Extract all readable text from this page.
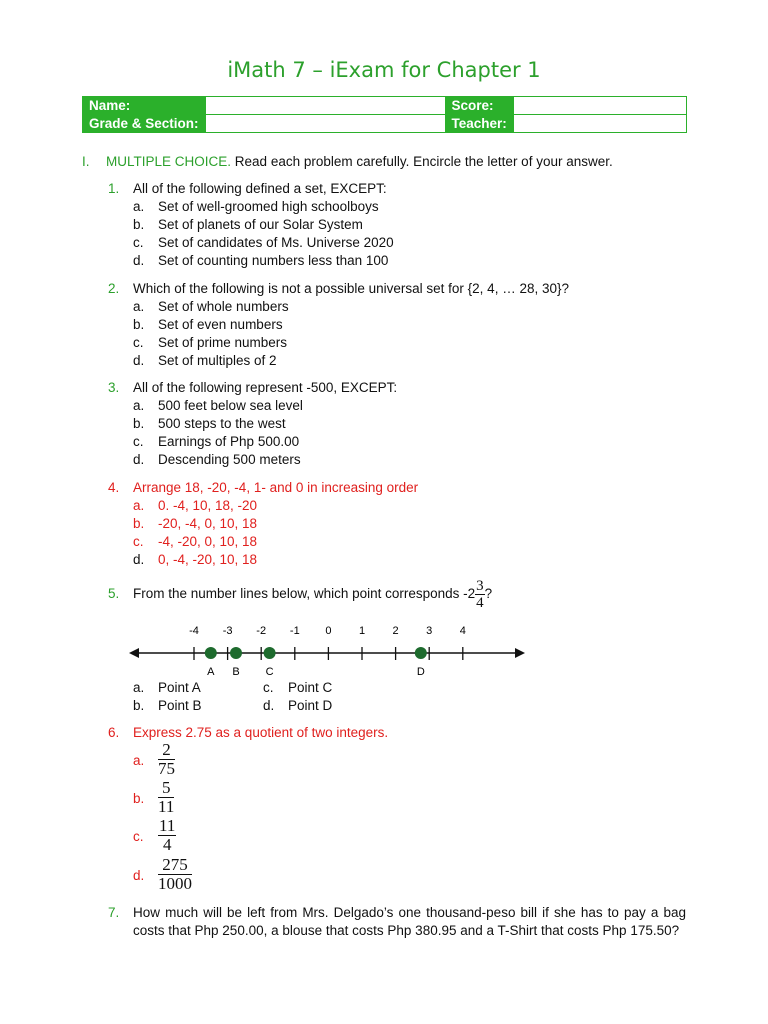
iMath 7 – iExam for Chapter 1
Name:		Score:	
Grade & Section:		Teacher:	
I. MULTIPLE CHOICE. Read each problem carefully. Encircle the letter of your answer.
1. All of the following defined a set, EXCEPT:
a. Set of well-groomed high schoolboys
b. Set of planets of our Solar System
c. Set of candidates of Ms. Universe 2020
d. Set of counting numbers less than 100
2. Which of the following is not a possible universal set for {2, 4, … 28, 30}?
a. Set of whole numbers
b. Set of even numbers
c. Set of prime numbers
d. Set of multiples of 2
3. All of the following represent -500, EXCEPT:
a. 500 feet below sea level
b. 500 steps to the west
c. Earnings of Php 500.00
d. Descending 500 meters
4. Arrange 18, -20, -4, 1- and 0 in increasing order
a. 0. -4, 10, 18, -20
b. -20, -4, 0, 10, 18
c. -4, -20, 0, 10, 18
d. 0, -4, -20, 10, 18
5. From the number lines below, which point corresponds $-2 \frac{3}{4}$ ?
-4 -3 -2 -1 0 1 2 3 4
A B C	D
a. Point A	c. Point C
b. Point B	d. Point D
6. Express 2.75 as a quotient of two integers.
a. $\frac{2}{75}$
b. $\frac{5}{11}$
c. $\frac{11}{4}$
d. $\frac{275}{1000}$
7. How much will be left from Mrs. Delgado’s one thousand-peso bill if she has to pay a bag costs that Php 250.00, a blouse that costs Php 380.95 and a T-Shirt that costs Php 175.50?
